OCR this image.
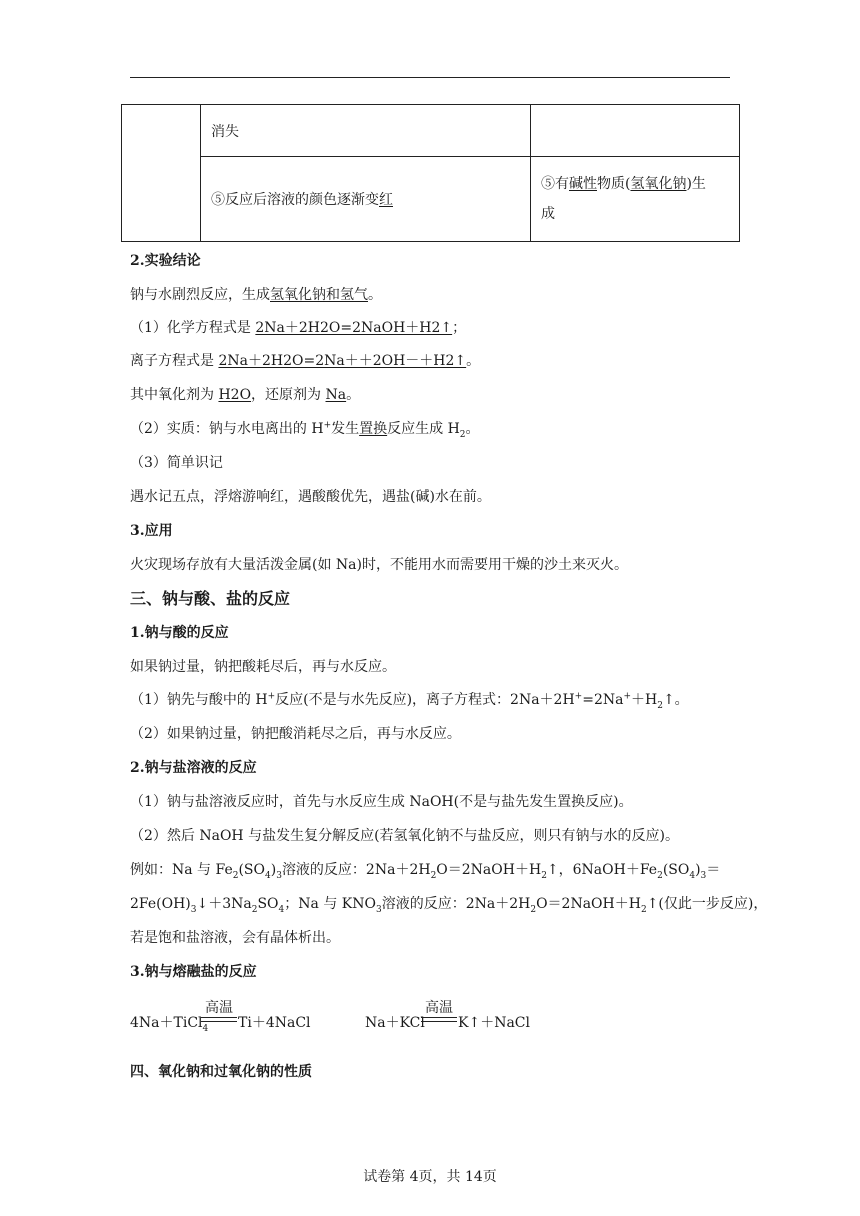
	消失	
	⑤反应后溶液的颜色逐渐变红	⑤有碱性物质(氢氧化钠)生
成
2.实验结论
钠与水剧烈反应，生成氢氧化钠和氢气。
（1）化学方程式是 2Na＋2H2O=2NaOH＋H2↑；
离子方程式是 2Na＋2H2O=2Na＋＋2OH－＋H2↑。
其中氧化剂为 H2O，还原剂为 Na。
（2）实质：钠与水电离出的 H+发生置换反应生成 $H_2$。
（3）简单识记
遇水记五点，浮熔游响红，遇酸酸优先，遇盐(碱)水在前。
3.应用
火灾现场存放有大量活泼金属(如 Na)时，不能用水而需要用干燥的沙土来灭火。
三、钠与酸、盐的反应
1.钠与酸的反应
如果钠过量，钠把酸耗尽后，再与水反应。
（1）钠先与酸中的 H+反应(不是与水先反应)，离子方程式：$2Na+2H^+=2Na^++H_2↑$。
（2）如果钠过量，钠把酸消耗尽之后，再与水反应。
2.钠与盐溶液的反应
（1）钠与盐溶液反应时，首先与水反应生成 NaOH(不是与盐先发生置换反应)。
（2）然后 NaOH 与盐发生复分解反应(若氢氧化钠不与盐反应，则只有钠与水的反应)。
例如：Na 与 $Fe_2(SO_4)_3$溶液的反应：$2Na+2H_2O=2NaOH+H_2↑$，$6NaOH+Fe_2(SO_4)_3=$
$2Fe(OH)_3↓+3Na_2SO_4$；Na 与 $KNO_3$溶液的反应：$2Na+2H_2O=2NaOH+H_2↑$(仅此一步反应)，
若是饱和盐溶液，会有晶体析出。
3.钠与熔融盐的反应
4Na＋TiCl$_4$
高温
Ti＋4NaCl	Na＋KCl
高温
K↑＋NaCl
四、氧化钠和过氧化钠的性质
试卷第 4页，共 14页
